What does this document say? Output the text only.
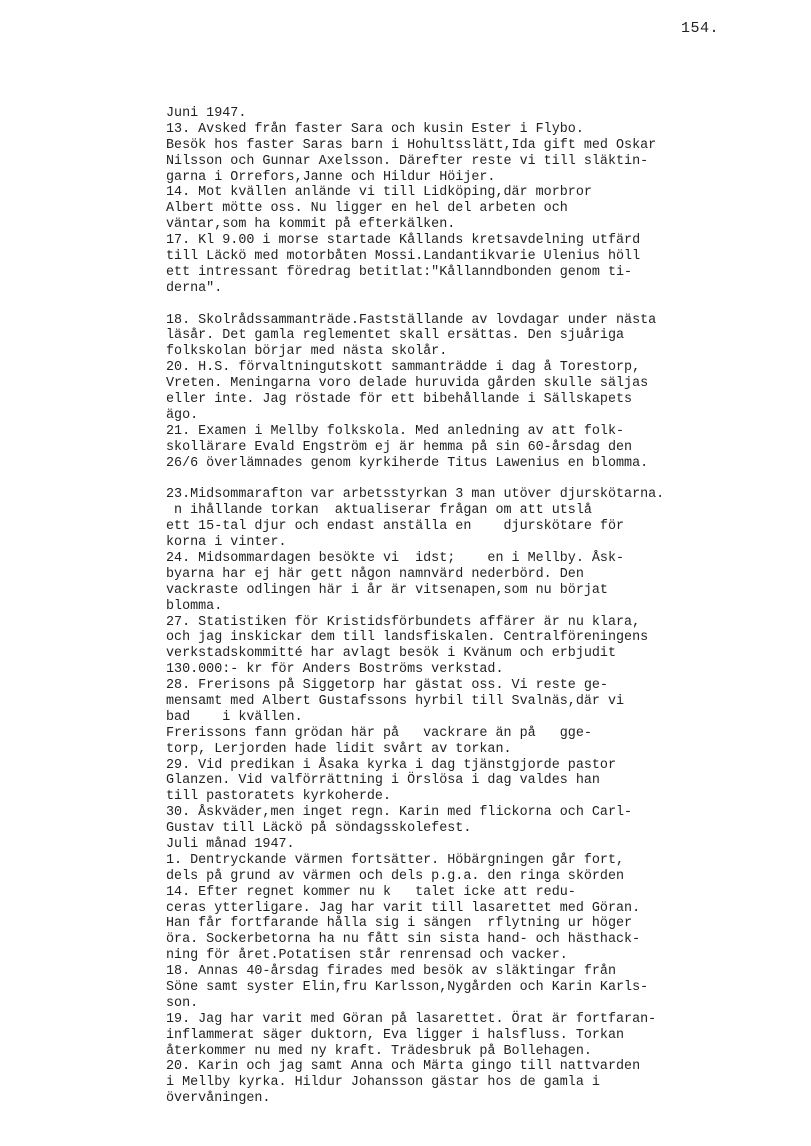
154.
Juni 1947.
13. Avsked från faster Sara och kusin Ester i Flybo.
Besök hos faster Saras barn i Hohultsslätt,Ida gift med Oskar
Nilsson och Gunnar Axelsson. Därefter reste vi till släktin-
garna i Orrefors,Janne och Hildur Höijer.
14. Mot kvällen anlände vi till Lidköping,där morbror
Albert mötte oss. Nu ligger en hel del arbeten och
väntar,som ha kommit på efterkälken.
17. Kl 9.00 i morse startade Kållands kretsavdelning utfärd
till Läckö med motorbåten Mossi.Landantikvarie Ulenius höll
ett intressant föredrag betitlat:"Kållanndbonden genom ti-
derna".
18. Skolrådssammanträde.Fastställande av lovdagar under nästa
läsår. Det gamla reglementet skall ersättas. Den sjuåriga
folkskolan börjar med nästa skolår.
20. H.S. förvaltningutskott sammanträdde i dag å Torestorp,
Vreten. Meningarna voro delade huruvida gården skulle säljas
eller inte. Jag röstade för ett bibehållande i Sällskapets
ägo.
21. Examen i Mellby folkskola. Med anledning av att folk-
skollärare Evald Engström ej är hemma på sin 60-årsdag den
26/6 överlämnades genom kyrkiherde Titus Lawenius en blomma.
23.Midsommarafton var arbetsstyrkan 3 man utöver djurskötarna.
n ihållande torkan  aktualiserar frågan om att utslå
ett 15-tal djur och endast anställa en    djurskötare för
korna i vinter.
24. Midsommardagen besökte vi  idst;    en i Mellby. Åsk-
byarna har ej här gett någon namnvärd nederbörd. Den
vackraste odlingen här i år är vitsenapen,som nu börjat
blomma.
27. Statistiken för Kristidsförbundets affärer är nu klara,
och jag inskickar dem till landsfiskalen. Centralföreningens
verkstadskommitté har avlagt besök i Kvänum och erbjudit
130.000:- kr för Anders Boströms verkstad.
28. Frerisons på Siggetorp har gästat oss. Vi reste ge-
mensamt med Albert Gustafssons hyrbil till Svalnäs,där vi
bad    i kvällen.
Frerissons fann grödan här på   vackrare än på   gge-
torp, Lerjorden hade lidit svårt av torkan.
29. Vid predikan i Åsaka kyrka i dag tjänstgjorde pastor
Glanzen. Vid valförrättning i Örslösa i dag valdes han
till pastoratets kyrkoherde.
30. Åskväder,men inget regn. Karin med flickorna och Carl-
Gustav till Läckö på söndagsskolefest.
Juli månad 1947.
1. Dentryckande värmen fortsätter. Höbärgningen går fort,
dels på grund av värmen och dels p.g.a. den ringa skörden
14. Efter regnet kommer nu k   talet icke att redu-
ceras ytterligare. Jag har varit till lasarettet med Göran.
Han får fortfarande hålla sig i sängen  rflytning ur höger
öra. Sockerbetorna ha nu fått sin sista hand- och hästhack-
ning för året.Potatisen står renrensad och vacker.
18. Annas 40-årsdag firades med besök av släktingar från
Söne samt syster Elin,fru Karlsson,Nygården och Karin Karls-
son.
19. Jag har varit med Göran på lasarettet. Örat är fortfaran-
inflammerat säger duktorn, Eva ligger i halsfluss. Torkan
återkommer nu med ny kraft. Trädesbruk på Bollehagen.
20. Karin och jag samt Anna och Märta gingo till nattvarden
i Mellby kyrka. Hildur Johansson gästar hos de gamla i
övervåningen.
